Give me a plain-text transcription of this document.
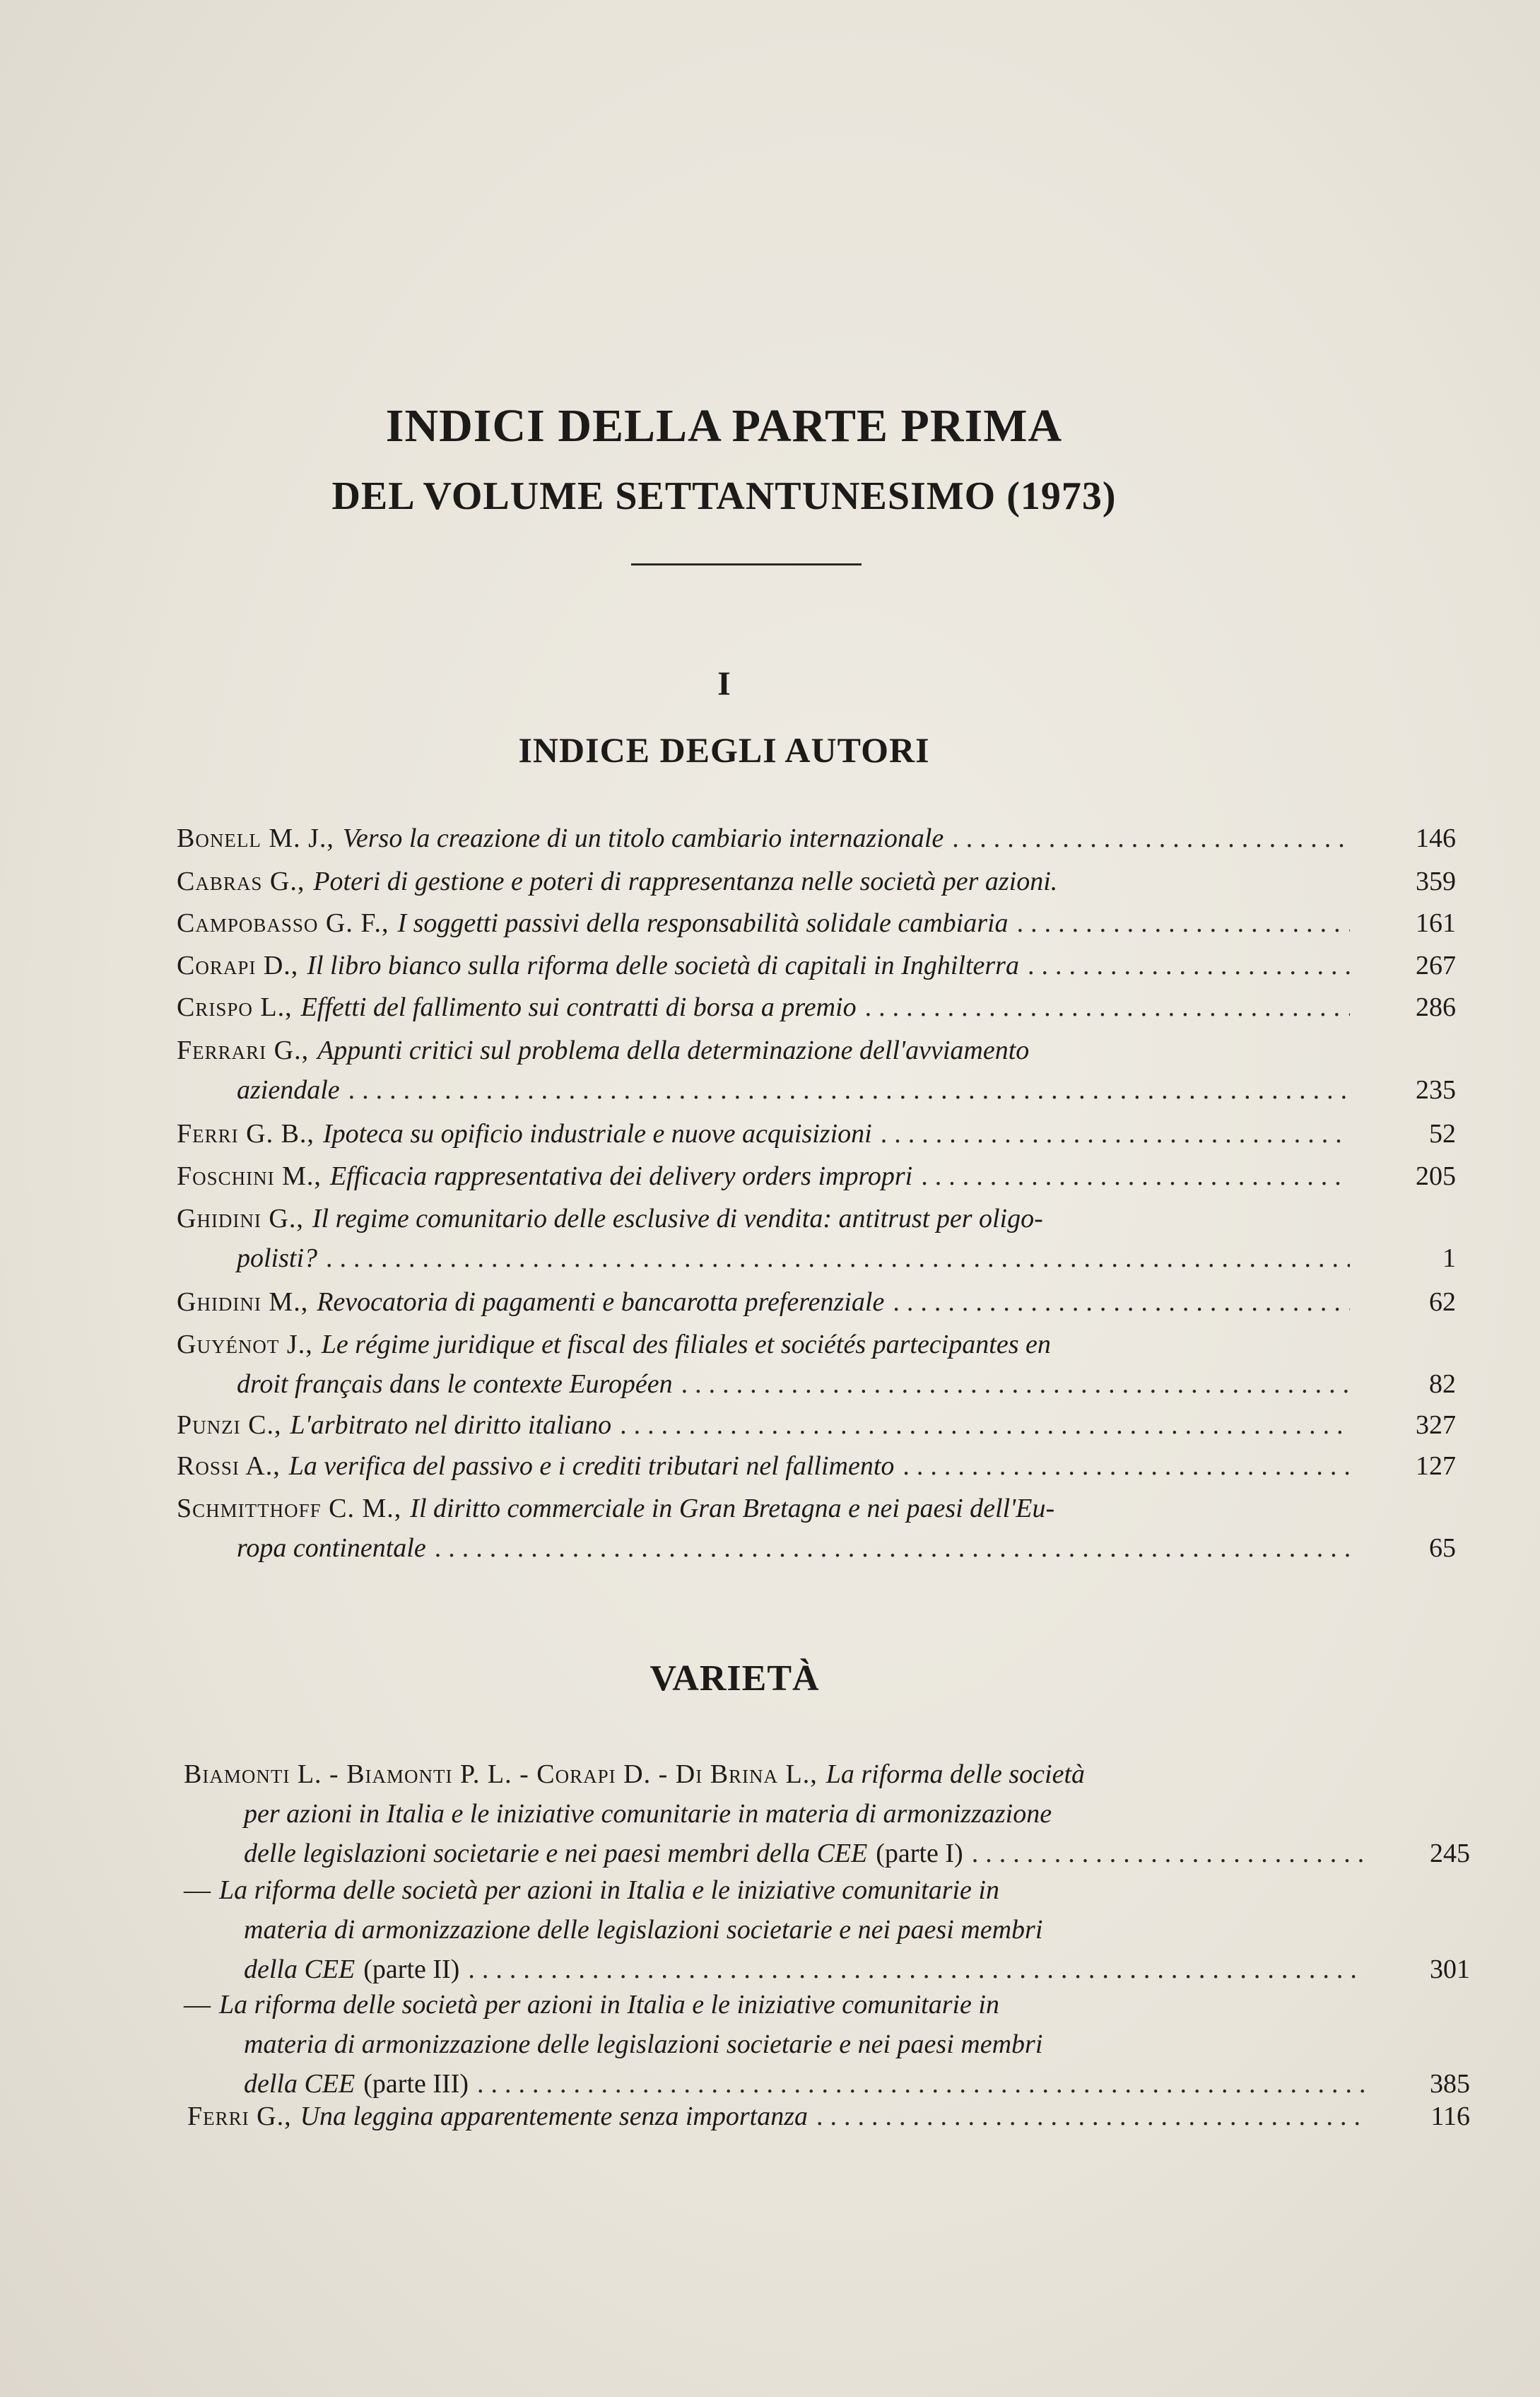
INDICI DELLA PARTE PRIMA
DEL VOLUME SETTANTUNESIMO (1973)
I
INDICE DEGLI AUTORI
Bonell M. J., Verso la creazione di un titolo cambiario internazionale .....	146
Cabras G., Poteri di gestione e poteri di rappresentanza nelle società per azioni.	359
Campobasso G. F., I soggetti passivi della responsabilità solidale cambiaria .....	161
Corapi D., Il libro bianco sulla riforma delle società di capitali in Inghilterra .....	267
Crispo L., Effetti del fallimento sui contratti di borsa a premio .....	286
Ferrari G., Appunti critici sul problema della determinazione dell'avviamento
aziendale .....	235
Ferri G. B., Ipoteca su opificio industriale e nuove acquisizioni .....	52
Foschini M., Efficacia rappresentativa dei delivery orders impropri .....	205
Ghidini G., Il regime comunitario delle esclusive di vendita: antitrust per oligo-
polisti? .....	1
Ghidini M., Revocatoria di pagamenti e bancarotta preferenziale .....	62
Guyénot J., Le régime juridique et fiscal des filiales et sociétés partecipantes en
droit français dans le contexte Européen .....	82
Punzi C., L'arbitrato nel diritto italiano .....	327
Rossi A., La verifica del passivo e i crediti tributari nel fallimento .....	127
Schmitthoff C. M., Il diritto commerciale in Gran Bretagna e nei paesi dell'Eu-
ropa continentale .....	65
VARIETÀ
Biamonti L. - Biamonti P. L. - Corapi D. - Di Brina L., La riforma delle società
per azioni in Italia e le iniziative comunitarie in materia di armonizzazione
delle legislazioni societarie e nei paesi membri della CEE (parte I) .....	245
— La riforma delle società per azioni in Italia e le iniziative comunitarie in
materia di armonizzazione delle legislazioni societarie e nei paesi membri
della CEE (parte II) .....	301
— La riforma delle società per azioni in Italia e le iniziative comunitarie in
materia di armonizzazione delle legislazioni societarie e nei paesi membri
della CEE (parte III) .....	385
Ferri G., Una leggina apparentemente senza importanza .....	116
